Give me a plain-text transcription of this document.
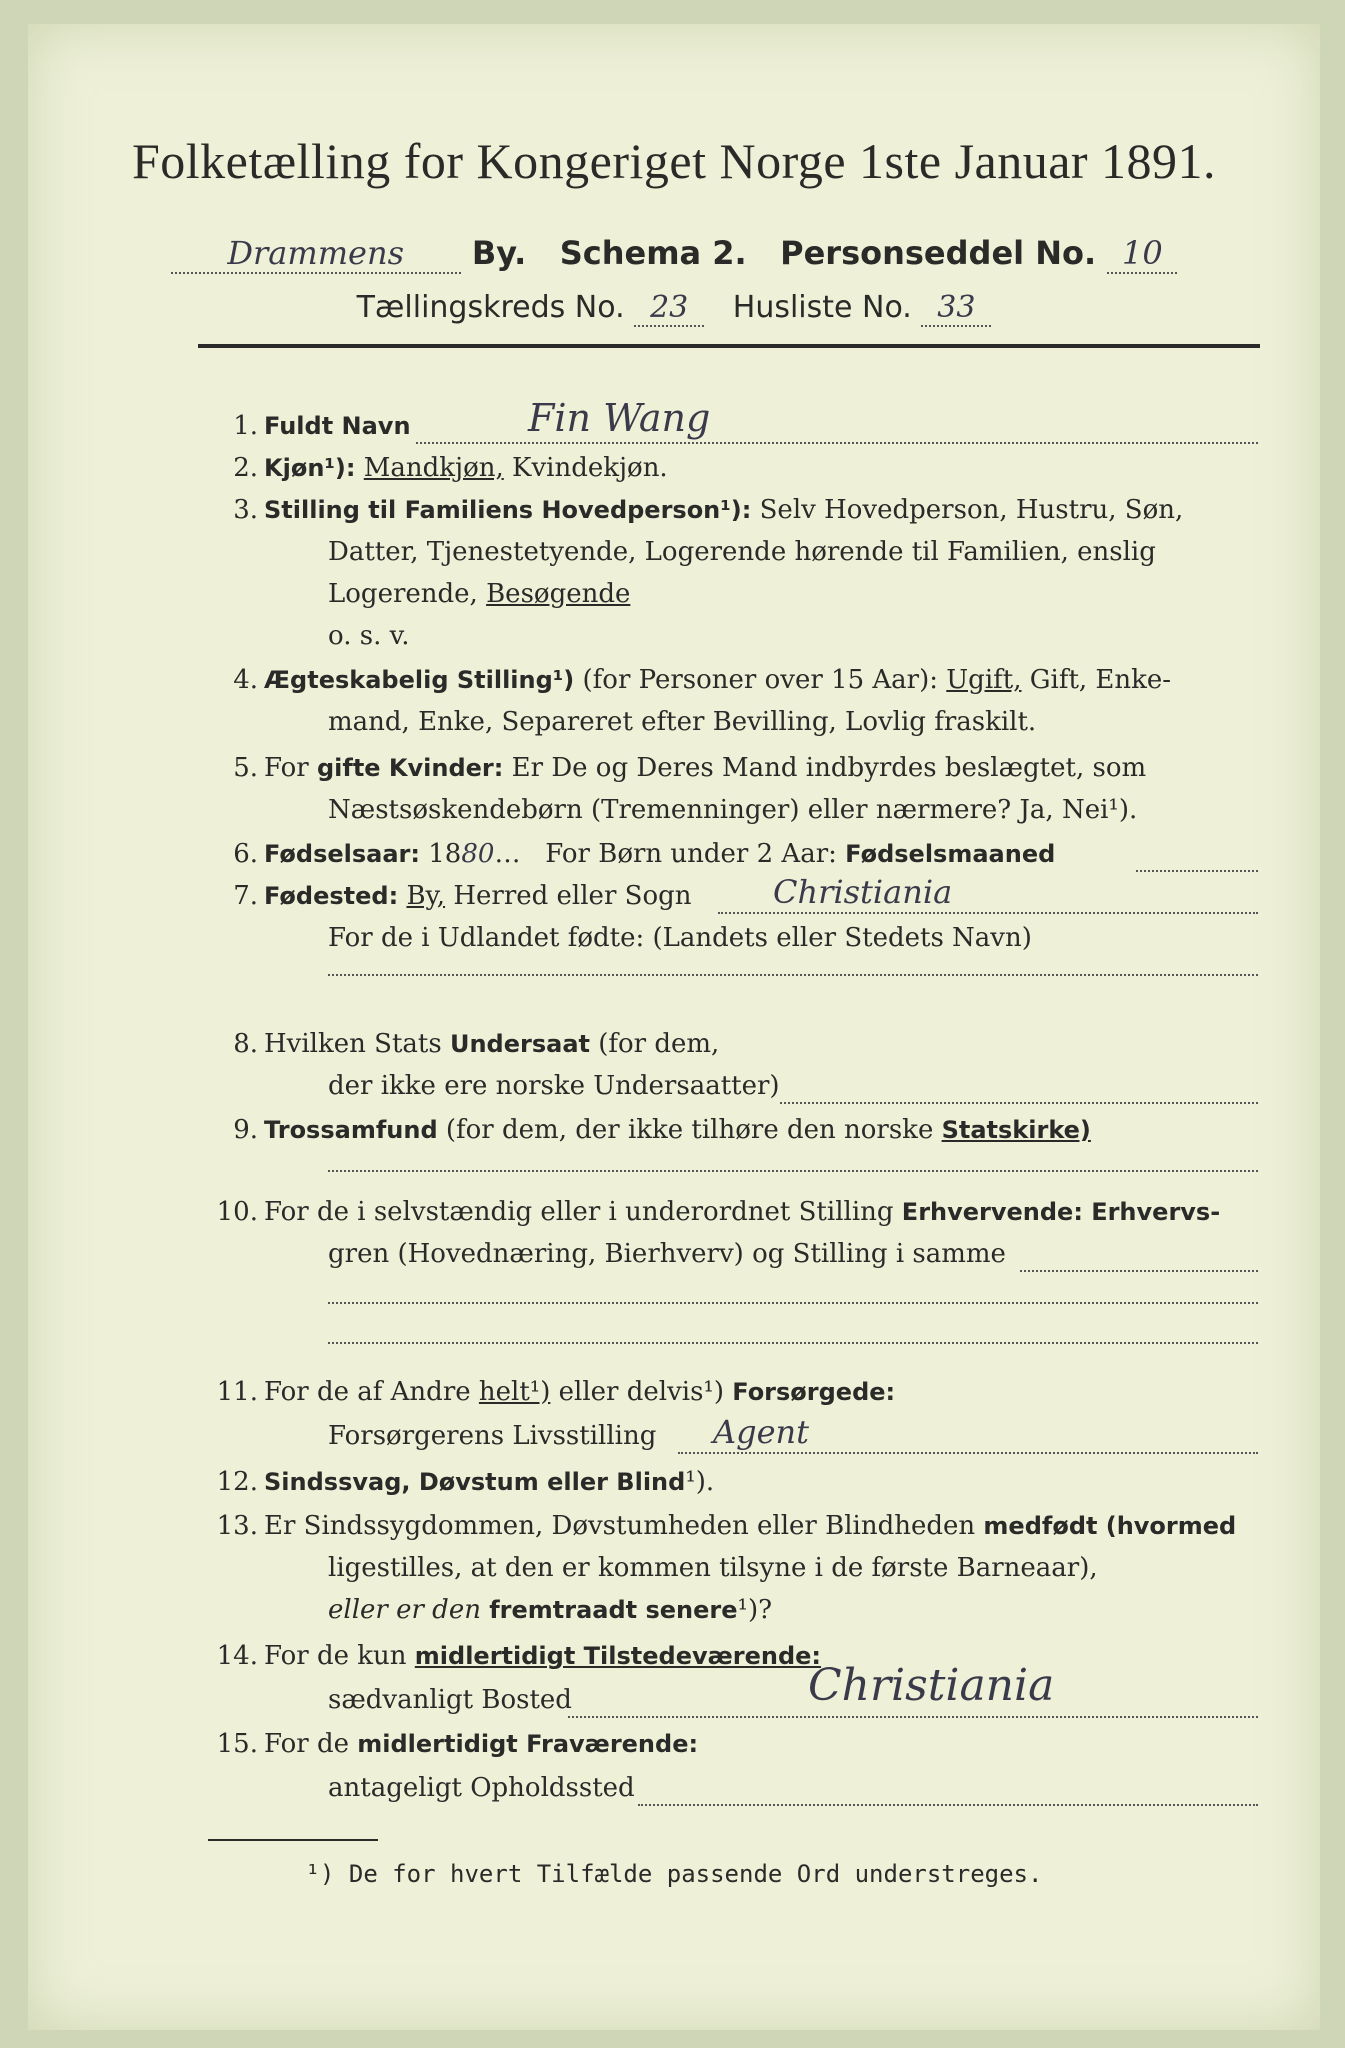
Folketælling for Kongeriget Norge 1ste Januar 1891.
Drammens By. Schema 2. Personseddel No. 10
Tællingskreds No. 23 Husliste No. 33
1. Fuldt Navn	Fin Wang
2. Kjøn¹): Mandkjøn, Kvindekjøn.
3. Stilling til Familiens Hovedperson¹): Selv Hovedperson, Hustru, Søn,
Datter, Tjenestetyende, Logerende hørende til Familien, enslig
Logerende, Besøgende
o. s. v.
4. Ægteskabelig Stilling¹) (for Personer over 15 Aar): Ugift, Gift, Enke-
mand, Enke, Separeret efter Bevilling, Lovlig fraskilt.
5. For gifte Kvinder: Er De og Deres Mand indbyrdes beslægtet, som
Næstsøskendebørn (Tremenninger) eller nærmere? Ja, Nei¹).
6. Fødselsaar: 1880…   For Børn under 2 Aar: Fødselsmaaned
7. Fødested: By, Herred eller Sogn	Christiania
For de i Udlandet fødte: (Landets eller Stedets Navn)
8. Hvilken Stats Undersaat (for dem,
der ikke ere norske Undersaatter)
9. Trossamfund (for dem, der ikke tilhøre den norske Statskirke)
10. For de i selvstændig eller i underordnet Stilling Erhvervende: Erhvervs-
gren (Hovednæring, Bierhverv) og Stilling i samme
11. For de af Andre helt¹) eller delvis¹) Forsørgede:
Forsørgerens Livsstilling	Agent
12. Sindssvag, Døvstum eller Blind¹).
13. Er Sindssygdommen, Døvstumheden eller Blindheden medfødt (hvormed
ligestilles, at den er kommen tilsyne i de første Barneaar),
eller er den fremtraadt senere¹)?
14. For de kun midlertidigt Tilstedeværende:
sædvanligt Bosted	Christiania
15. For de midlertidigt Fraværende:
antageligt Opholdssted
¹) De for hvert Tilfælde passende Ord understreges.
